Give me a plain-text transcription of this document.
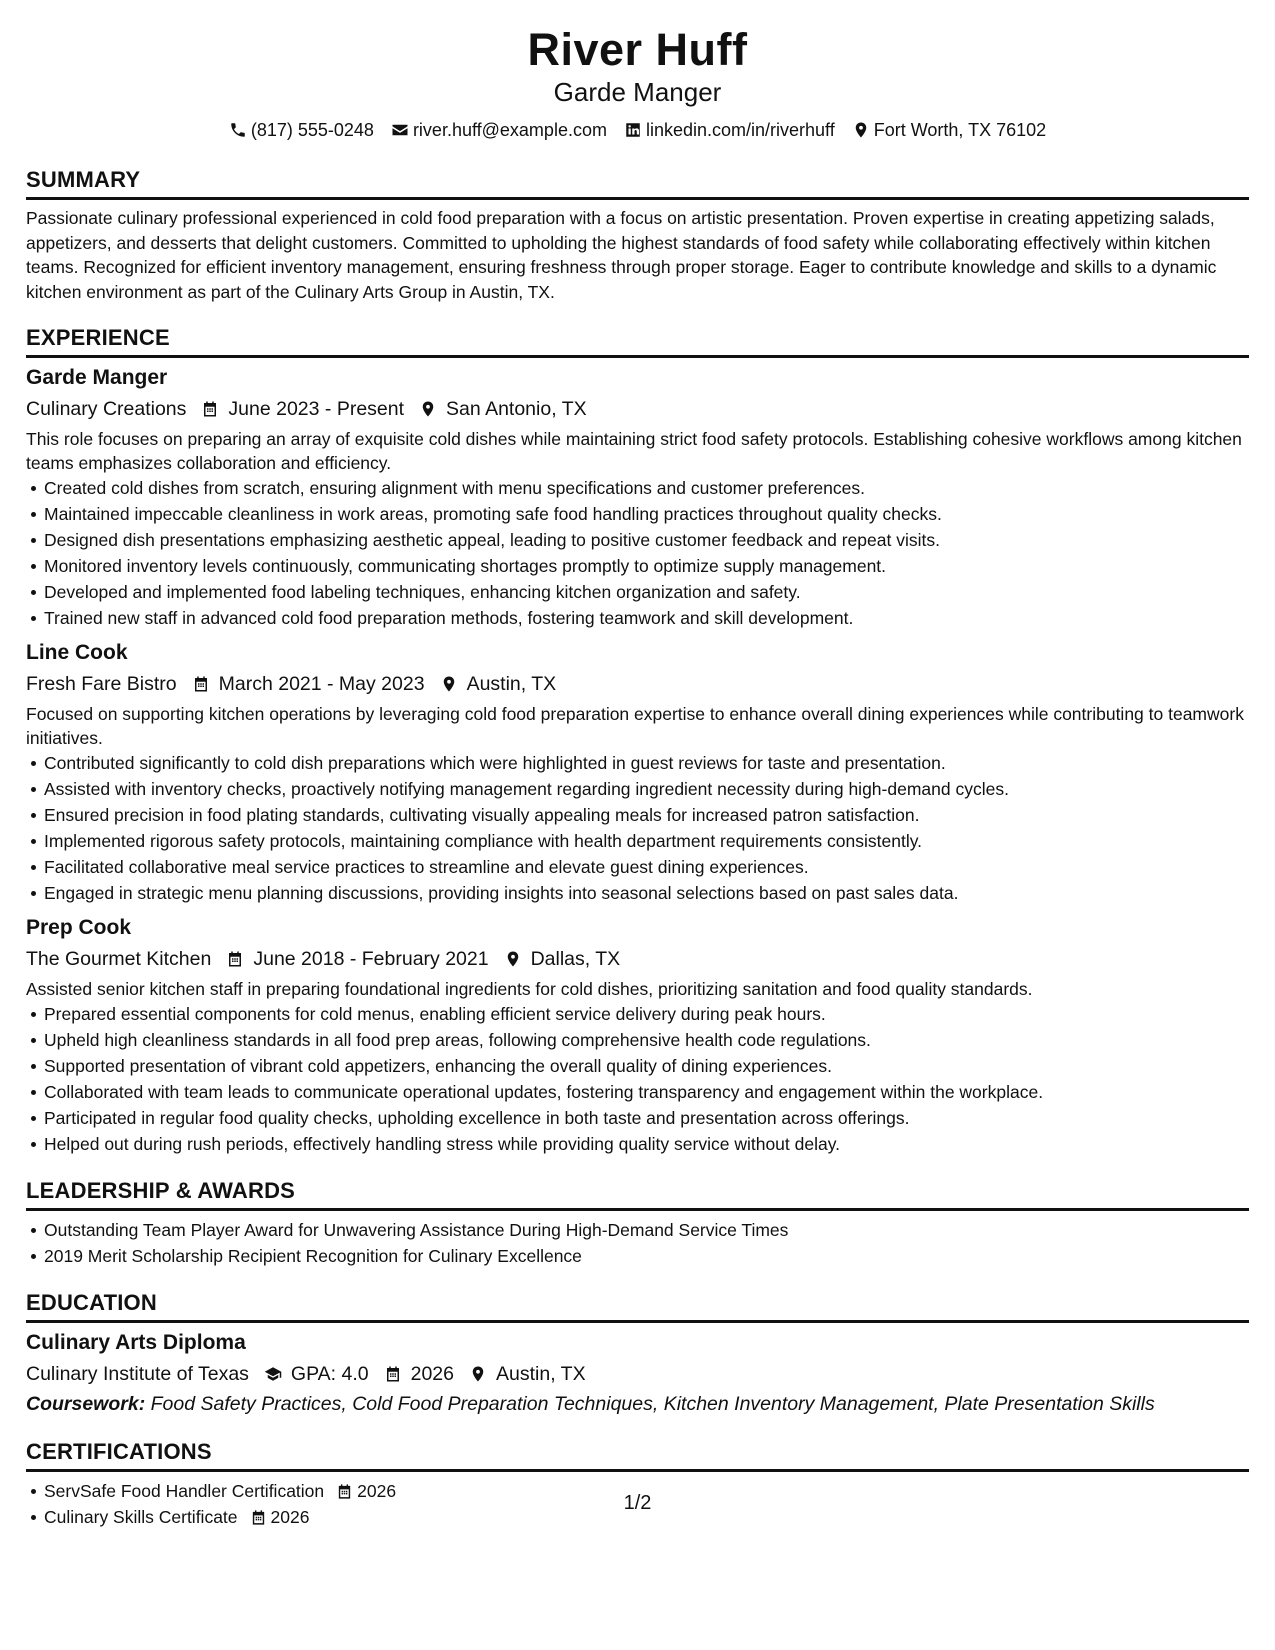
River Huff
Garde Manger
(817) 555-0248 river.huff@example.com linkedin.com/in/riverhuff Fort Worth, TX 76102
SUMMARY
Passionate culinary professional experienced in cold food preparation with a focus on artistic presentation. Proven expertise in creating appetizing salads, appetizers, and desserts that delight customers. Committed to upholding the highest standards of food safety while collaborating effectively within kitchen teams. Recognized for efficient inventory management, ensuring freshness through proper storage. Eager to contribute knowledge and skills to a dynamic kitchen environment as part of the Culinary Arts Group in Austin, TX.
EXPERIENCE
Garde Manger
Culinary Creations June 2023 - Present San Antonio, TX
This role focuses on preparing an array of exquisite cold dishes while maintaining strict food safety protocols. Establishing cohesive workflows among kitchen teams emphasizes collaboration and efficiency.
Created cold dishes from scratch, ensuring alignment with menu specifications and customer preferences.
Maintained impeccable cleanliness in work areas, promoting safe food handling practices throughout quality checks.
Designed dish presentations emphasizing aesthetic appeal, leading to positive customer feedback and repeat visits.
Monitored inventory levels continuously, communicating shortages promptly to optimize supply management.
Developed and implemented food labeling techniques, enhancing kitchen organization and safety.
Trained new staff in advanced cold food preparation methods, fostering teamwork and skill development.
Line Cook
Fresh Fare Bistro March 2021 - May 2023 Austin, TX
Focused on supporting kitchen operations by leveraging cold food preparation expertise to enhance overall dining experiences while contributing to teamwork initiatives.
Contributed significantly to cold dish preparations which were highlighted in guest reviews for taste and presentation.
Assisted with inventory checks, proactively notifying management regarding ingredient necessity during high-demand cycles.
Ensured precision in food plating standards, cultivating visually appealing meals for increased patron satisfaction.
Implemented rigorous safety protocols, maintaining compliance with health department requirements consistently.
Facilitated collaborative meal service practices to streamline and elevate guest dining experiences.
Engaged in strategic menu planning discussions, providing insights into seasonal selections based on past sales data.
Prep Cook
The Gourmet Kitchen June 2018 - February 2021 Dallas, TX
Assisted senior kitchen staff in preparing foundational ingredients for cold dishes, prioritizing sanitation and food quality standards.
Prepared essential components for cold menus, enabling efficient service delivery during peak hours.
Upheld high cleanliness standards in all food prep areas, following comprehensive health code regulations.
Supported presentation of vibrant cold appetizers, enhancing the overall quality of dining experiences.
Collaborated with team leads to communicate operational updates, fostering transparency and engagement within the workplace.
Participated in regular food quality checks, upholding excellence in both taste and presentation across offerings.
Helped out during rush periods, effectively handling stress while providing quality service without delay.
LEADERSHIP & AWARDS
Outstanding Team Player Award for Unwavering Assistance During High-Demand Service Times
2019 Merit Scholarship Recipient Recognition for Culinary Excellence
EDUCATION
Culinary Arts Diploma
Culinary Institute of Texas GPA: 4.0 2026 Austin, TX
Coursework: Food Safety Practices, Cold Food Preparation Techniques, Kitchen Inventory Management, Plate Presentation Skills
CERTIFICATIONS
ServSafe Food Handler Certification 2026
Culinary Skills Certificate 2026
1/2
